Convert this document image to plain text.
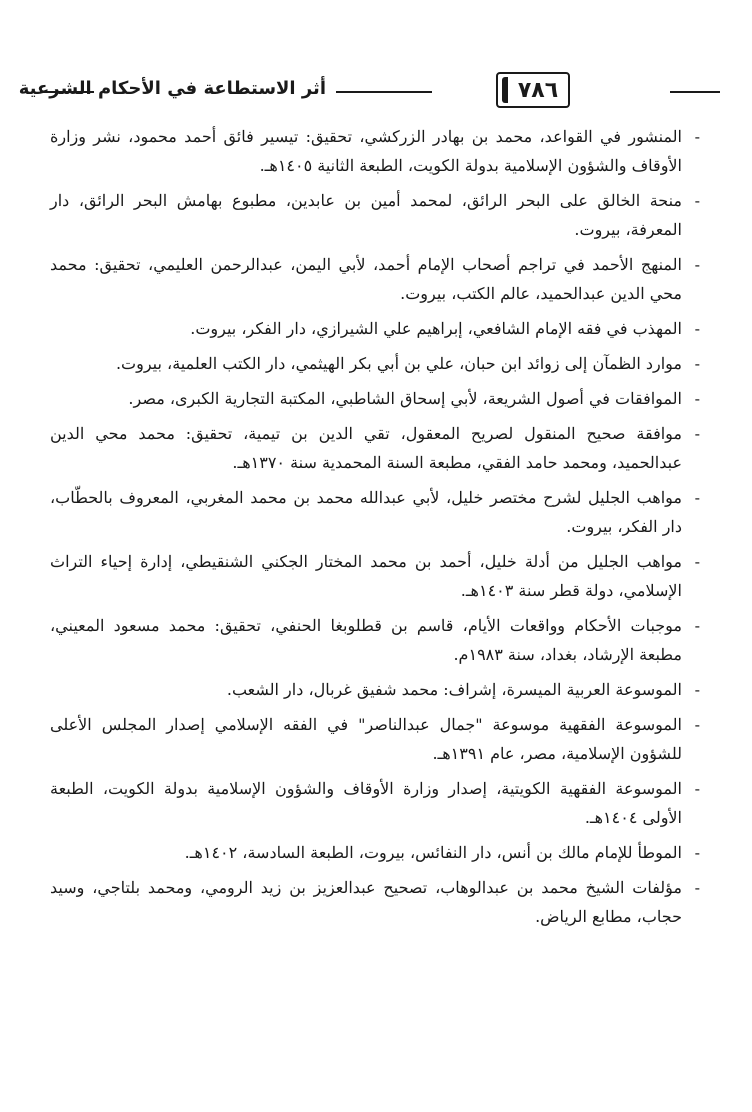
أثر الاستطاعة في الأحكام الشرعية	٧٨٦
-
المنشور في القواعد، محمد بن بهادر الزركشي، تحقيق: تيسير فائق أحمد محمود، نشر وزارة الأوقاف والشؤون الإسلامية بدولة الكويت، الطبعة الثانية ١٤٠٥هـ.
-
منحة الخالق على البحر الرائق، لمحمد أمين بن عابدين، مطبوع بهامش البحر الرائق، دار المعرفة، بيروت.
-
المنهج الأحمد في تراجم أصحاب الإمام أحمد، لأبي اليمن، عبدالرحمن العليمي، تحقيق: محمد محي الدين عبدالحميد، عالم الكتب، بيروت.
-
المهذب في فقه الإمام الشافعي، إبراهيم علي الشيرازي، دار الفكر، بيروت.
-
موارد الظمآن إلى زوائد ابن حبان، علي بن أبي بكر الهيثمي، دار الكتب العلمية، بيروت.
-
الموافقات في أصول الشريعة، لأبي إسحاق الشاطبي، المكتبة التجارية الكبرى، مصر.
-
موافقة صحيح المنقول لصريح المعقول، تقي الدين بن تيمية، تحقيق: محمد محي الدين عبدالحميد، ومحمد حامد الفقي، مطبعة السنة المحمدية سنة ١٣٧٠هـ.
-
مواهب الجليل لشرح مختصر خليل، لأبي عبدالله محمد بن محمد المغربي، المعروف بالحطّاب، دار الفكر، بيروت.
-
مواهب الجليل من أدلة خليل، أحمد بن محمد المختار الجكني الشنقيطي، إدارة إحياء التراث الإسلامي، دولة قطر سنة ١٤٠٣هـ.
-
موجبات الأحكام وواقعات الأيام، قاسم بن قطلوبغا الحنفي، تحقيق: محمد مسعود المعيني، مطبعة الإرشاد، بغداد، سنة ١٩٨٣م.
-
الموسوعة العربية الميسرة، إشراف: محمد شفيق غربال، دار الشعب.
-
الموسوعة الفقهية موسوعة "جمال عبدالناصر" في الفقه الإسلامي إصدار المجلس الأعلى للشؤون الإسلامية، مصر، عام ١٣٩١هـ.
-
الموسوعة الفقهية الكويتية، إصدار وزارة الأوقاف والشؤون الإسلامية بدولة الكويت، الطبعة الأولى ١٤٠٤هـ.
-
الموطأ للإمام مالك بن أنس، دار النفائس، بيروت، الطبعة السادسة، ١٤٠٢هـ.
-
مؤلفات الشيخ محمد بن عبدالوهاب، تصحيح عبدالعزيز بن زيد الرومي، ومحمد بلتاجي، وسيد حجاب، مطابع الرياض.
